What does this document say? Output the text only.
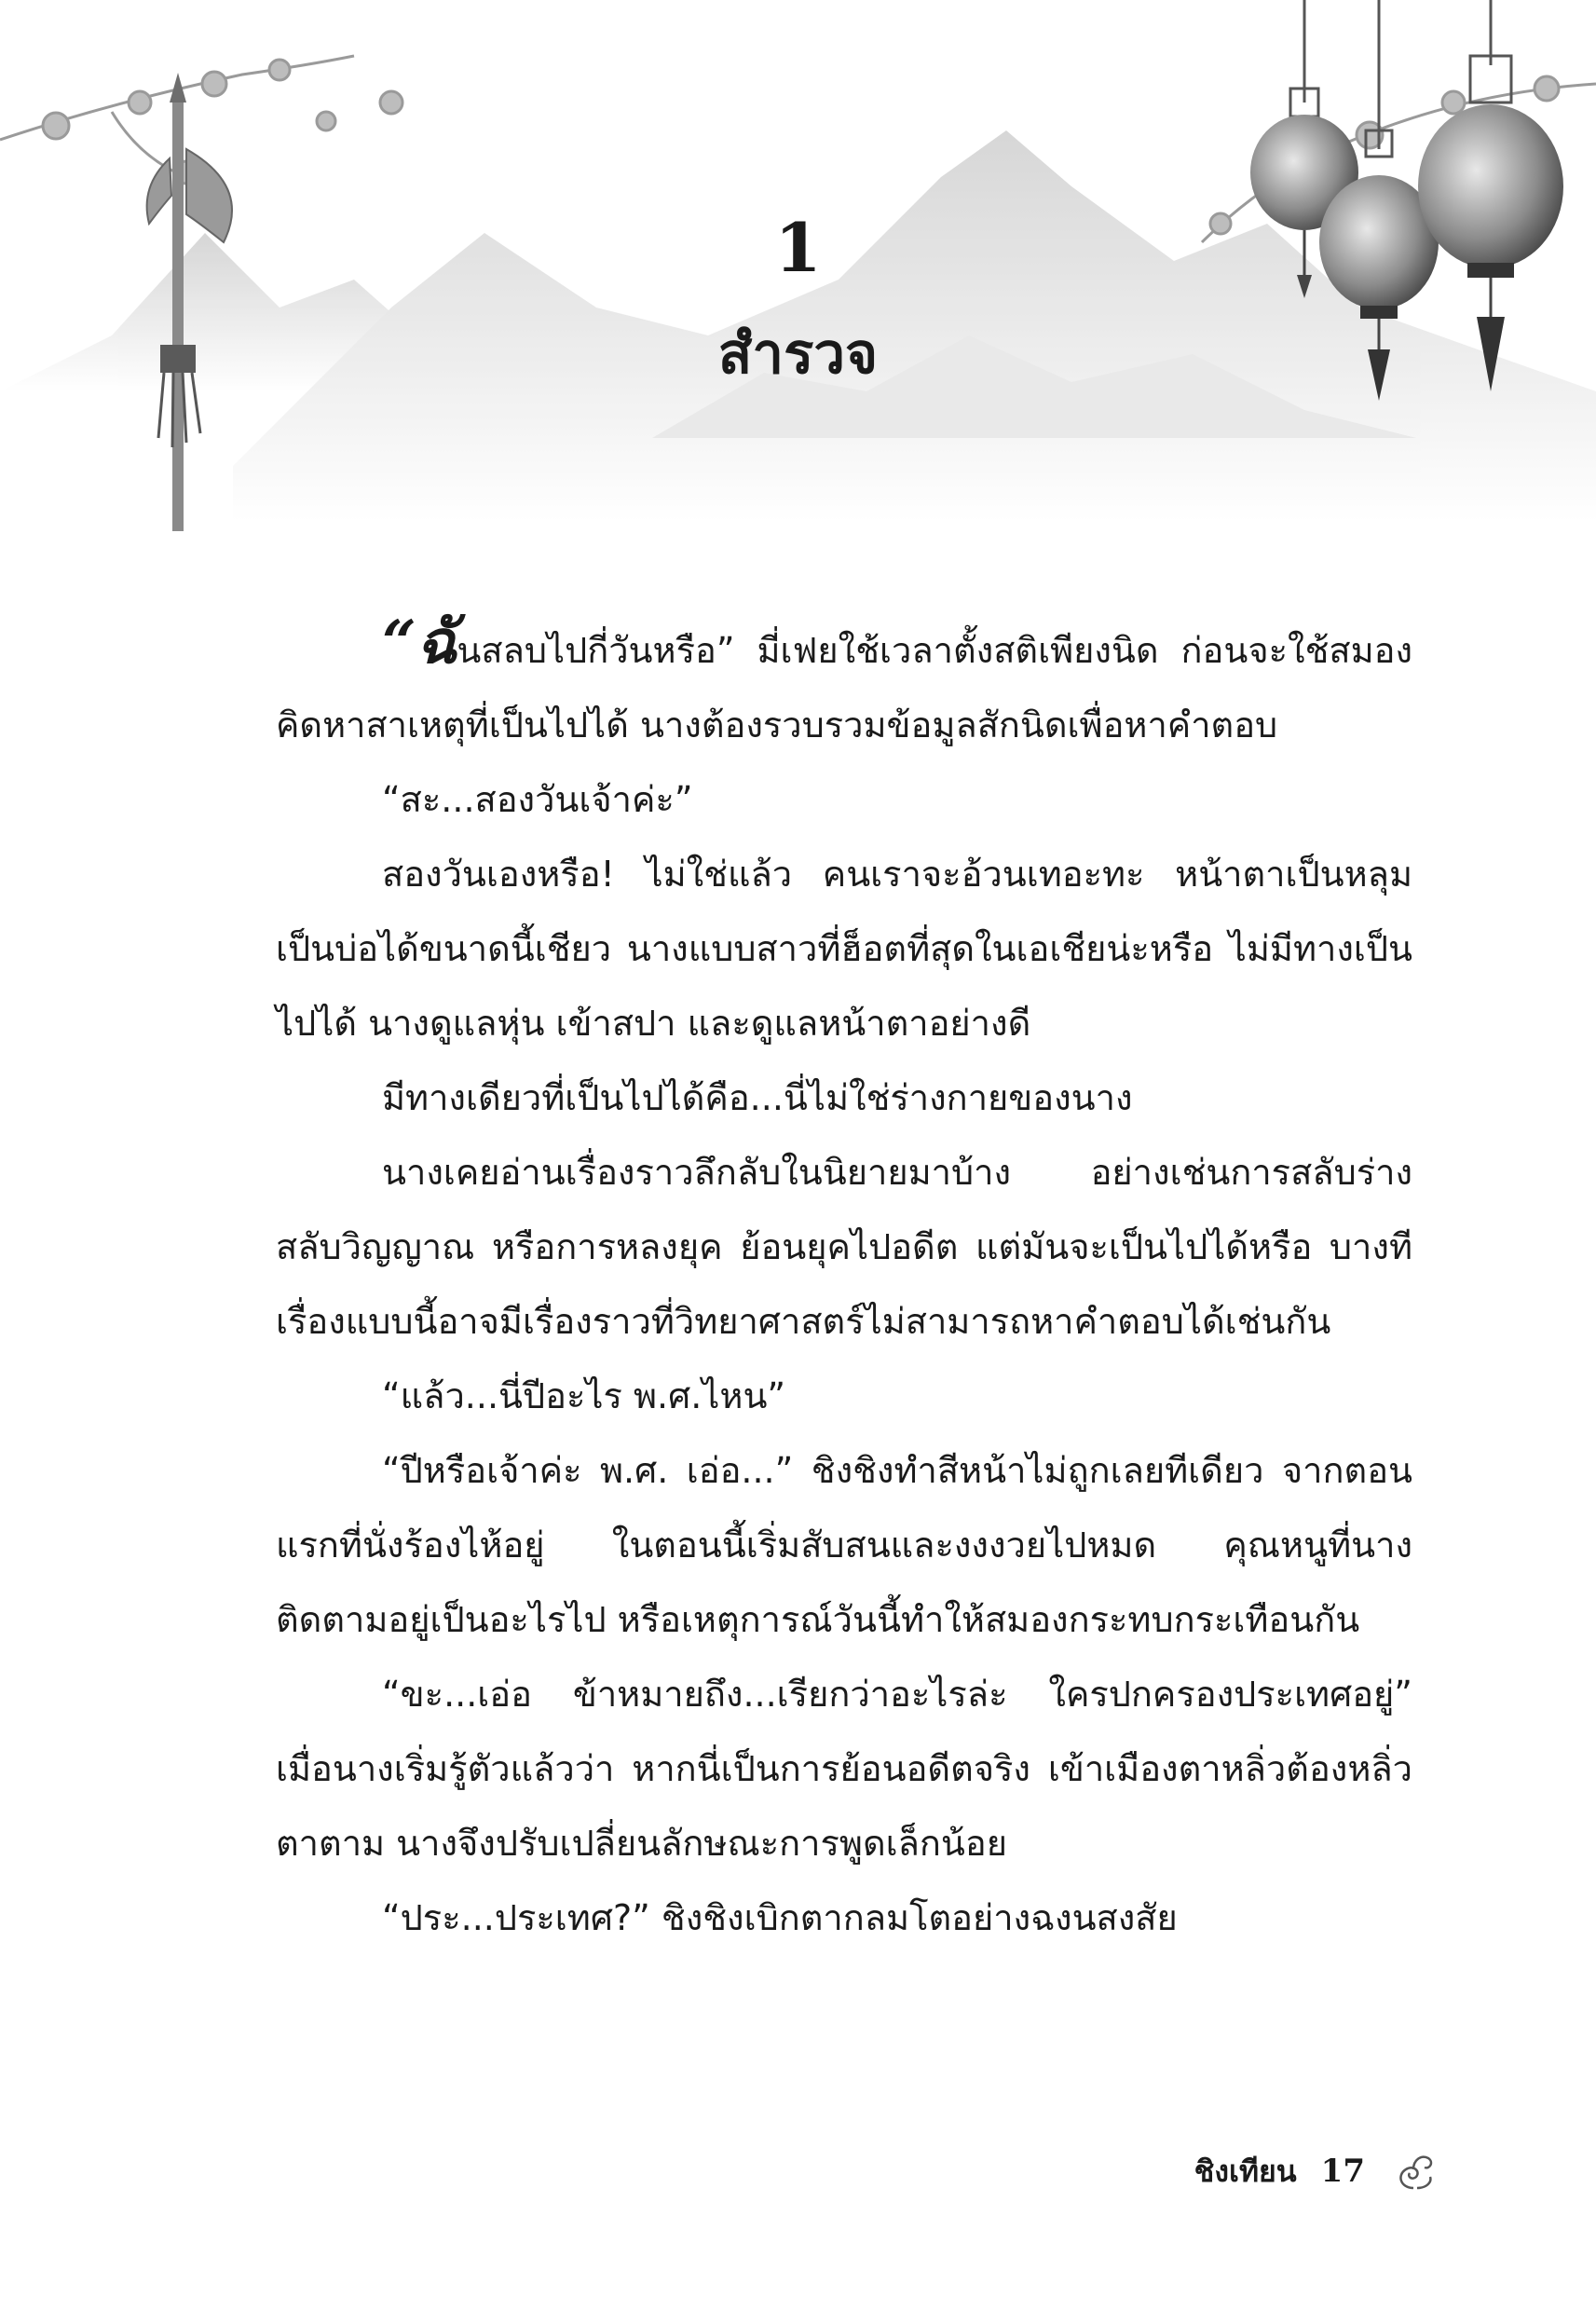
1
สำรวจ

“ฉันสลบไปกี่วันหรือ” มี่เฟยใช้เวลาตั้งสติเพียงนิด ก่อนจะใช้สมองคิดหาสาเหตุที่เป็นไปได้ นางต้องรวบรวมข้อมูลสักนิดเพื่อหาคำตอบ

“สะ...สองวันเจ้าค่ะ”

สองวันเองหรือ! ไม่ใช่แล้ว คนเราจะอ้วนเทอะทะ หน้าตาเป็นหลุมเป็นบ่อได้ขนาดนี้เชียว นางแบบสาวที่ฮ็อตที่สุดในเอเชียน่ะหรือ ไม่มีทางเป็นไปได้ นางดูแลหุ่น เข้าสปา และดูแลหน้าตาอย่างดี

มีทางเดียวที่เป็นไปได้คือ...นี่ไม่ใช่ร่างกายของนาง

นางเคยอ่านเรื่องราวลึกลับในนิยายมาบ้าง อย่างเช่นการสลับร่าง สลับวิญญาณ หรือการหลงยุค ย้อนยุคไปอดีต แต่มันจะเป็นไปได้หรือ บางทีเรื่องแบบนี้อาจมีเรื่องราวที่วิทยาศาสตร์ไม่สามารถหาคำตอบได้เช่นกัน

“แล้ว...นี่ปีอะไร พ.ศ.ไหน”

“ปีหรือเจ้าค่ะ พ.ศ. เอ่อ...” ชิงชิงทำสีหน้าไม่ถูกเลยทีเดียว จากตอนแรกที่นั่งร้องไห้อยู่ ในตอนนี้เริ่มสับสนและงงงวยไปหมด คุณหนูที่นางติดตามอยู่เป็นอะไรไป หรือเหตุการณ์วันนี้ทำให้สมองกระทบกระเทือนกัน

“ขะ...เอ่อ ข้าหมายถึง...เรียกว่าอะไรล่ะ ใครปกครองประเทศอยู่” เมื่อนางเริ่มรู้ตัวแล้วว่า หากนี่เป็นการย้อนอดีตจริง เข้าเมืองตาหลิ่วต้องหลิ่วตาตาม นางจึงปรับเปลี่ยนลักษณะการพูดเล็กน้อย

“ประ...ประเทศ?” ชิงชิงเบิกตากลมโตอย่างฉงนสงสัย

ชิงเทียน 17
